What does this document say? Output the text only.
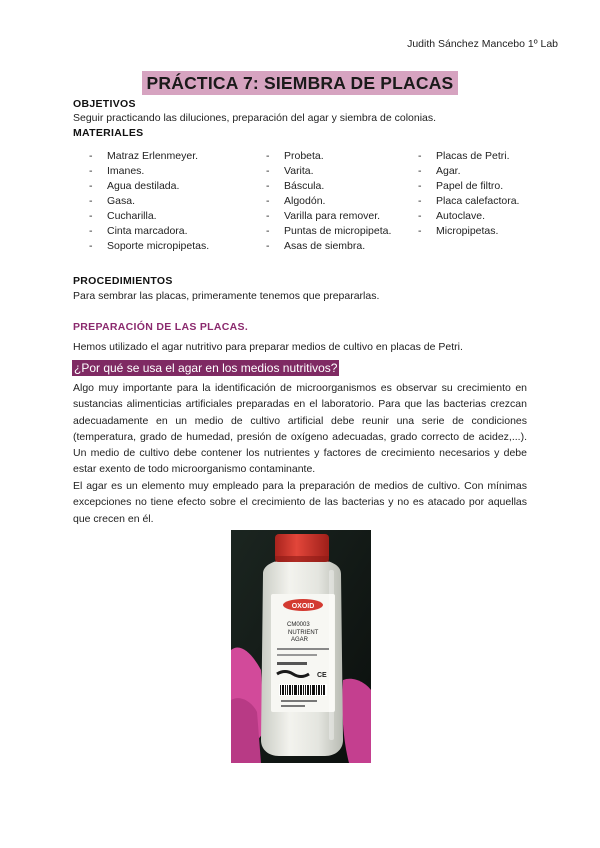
Judith Sánchez Mancebo 1º Lab
PRÁCTICA 7: SIEMBRA DE PLACAS
OBJETIVOS
Seguir practicando las diluciones, preparación del agar y siembra de colonias.
MATERIALES
- Matraz Erlenmeyer.
- Imanes.
- Agua destilada.
- Gasa.
- Cucharilla.
- Cinta marcadora.
- Soporte micropipetas.
- Probeta.
- Varita.
- Báscula.
- Algodón.
- Varilla para remover.
- Puntas de micropipeta.
- Asas de siembra.
- Placas de Petri.
- Agar.
- Papel de filtro.
- Placa calefactora.
- Autoclave.
- Micropipetas.
PROCEDIMIENTOS
Para sembrar las placas, primeramente tenemos que prepararlas.
PREPARACIÓN DE LAS PLACAS.
Hemos utilizado el agar nutritivo para preparar medios de cultivo en placas de Petri.
¿Por qué se usa el agar en los medios nutritivos?
Algo muy importante para la identificación de microorganismos es observar su crecimiento en sustancias alimenticias artificiales preparadas en el laboratorio. Para que las bacterias crezcan adecuadamente en un medio de cultivo artificial debe reunir una serie de condiciones (temperatura, grado de humedad, presión de oxígeno adecuadas, grado correcto de acidez,...). Un medio de cultivo debe contener los nutrientes y factores de crecimiento necesarios y debe estar exento de todo microorganismo contaminante.
El agar es un elemento muy empleado para la preparación de medios de cultivo. Con mínimas excepciones no tiene efecto sobre el crecimiento de las bacterias y no es atacado por aquellas que crecen en él.
OXOID
CM0003
NUTRIENT
AGAR
CE
